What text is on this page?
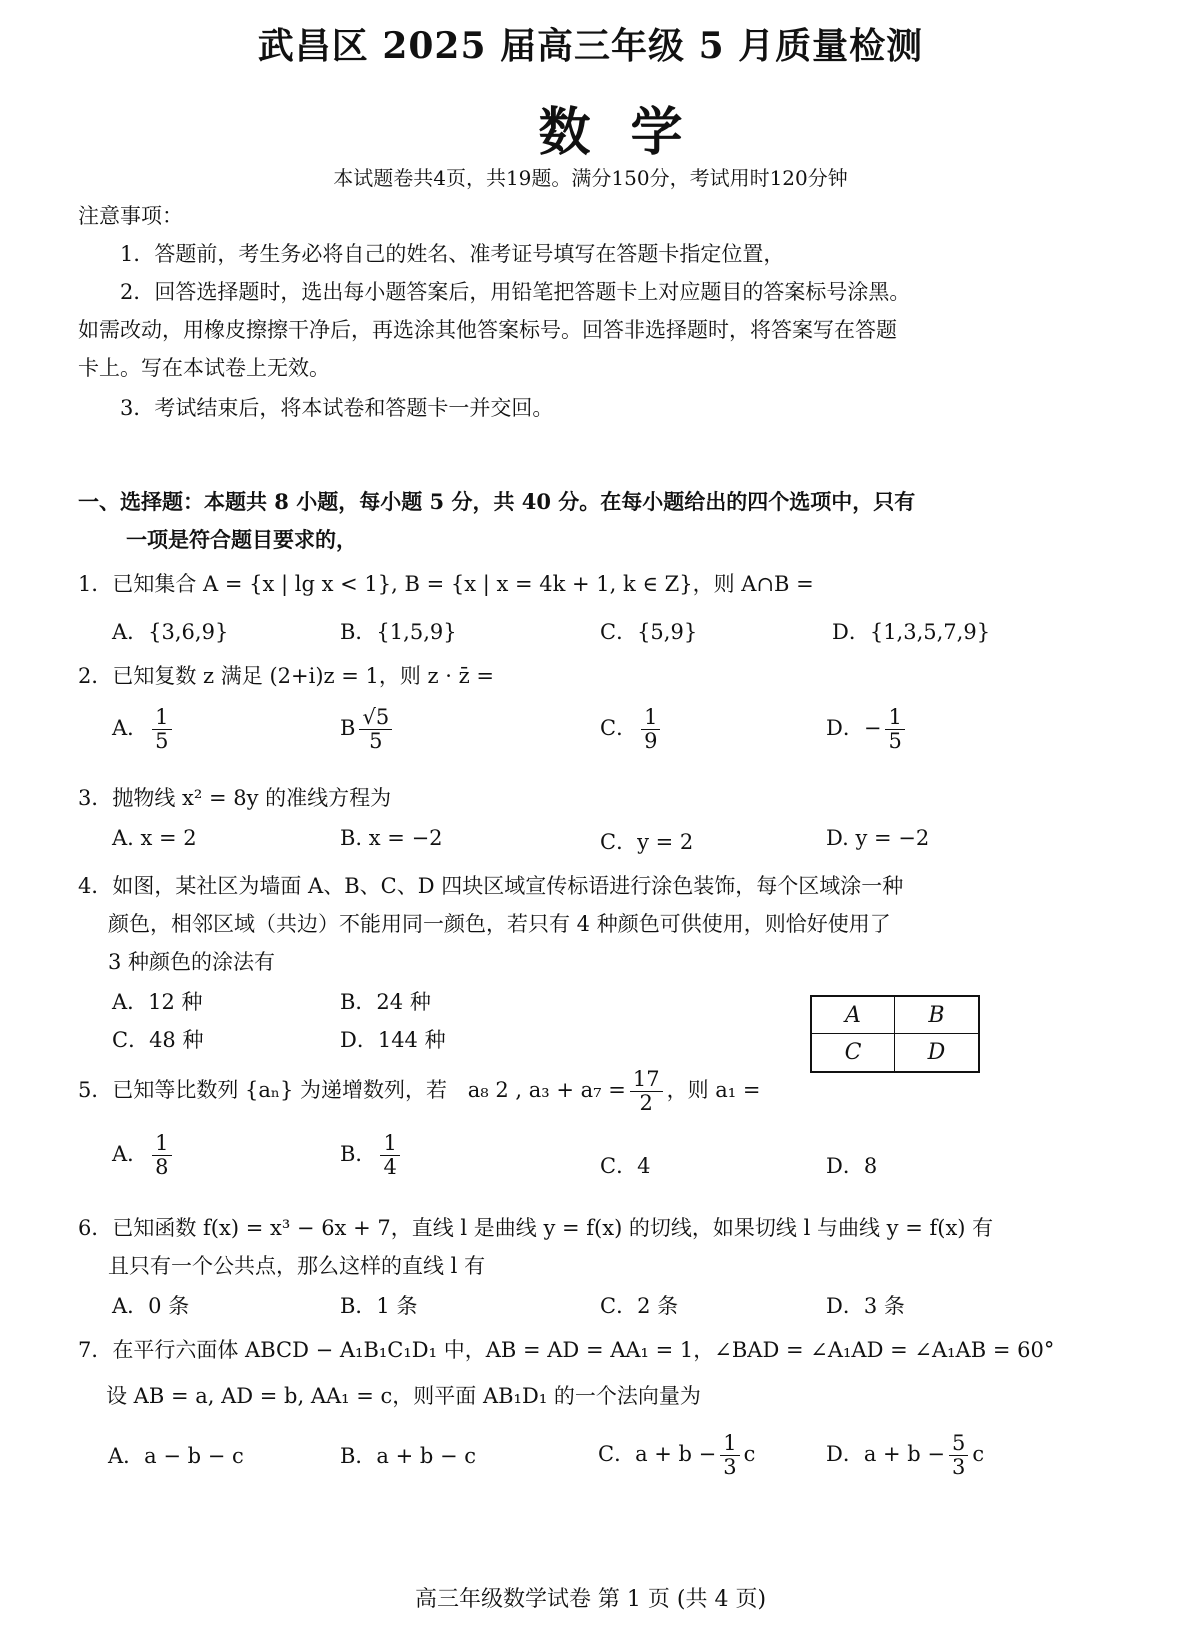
武昌区 2025 届高三年级 5 月质量检测
数学
本试题卷共4页，共19题。满分150分，考试用时120分钟
注意事项：
1．答题前，考生务必将自己的姓名、准考证号填写在答题卡指定位置，
2．回答选择题时，选出每小题答案后，用铅笔把答题卡上对应题目的答案标号涂黑。
如需改动，用橡皮擦擦干净后，再选涂其他答案标号。回答非选择题时，将答案写在答题
卡上。写在本试卷上无效。
3．考试结束后，将本试卷和答题卡一并交回。
一、选择题：本题共 8 小题，每小题 5 分，共 40 分。在每小题给出的四个选项中，只有
一项是符合题目要求的，
1．已知集合 A = {x | lg x < 1}, B = {x | x = 4k + 1, k ∈ Z}，则 A∩B =
A．{3,6,9}	B．{1,5,9}	C．{5,9}	D．{1,3,5,7,9}
2．已知复数 z 满足 (2+i)z = 1，则 z · z̄ =
A． $\frac{1}{5}$	B $\frac{√5}{5}$	C． $\frac{1}{9}$	D．− $\frac{1}{5}$
3．抛物线 x² = 8y 的准线方程为
A. x = 2	B. x = −2	C．y = 2	D. y = −2
4．如图，某社区为墙面 A、B、C、D 四块区域宣传标语进行涂色装饰，每个区域涂一种
颜色，相邻区域（共边）不能用同一颜色，若只有 4 种颜色可供使用，则恰好使用了
3 种颜色的涂法有
A．12 种	B．24 种
C．48 种	D．144 种
A	B
C	D
5．已知等比数列 {aₙ} 为递增数列，若 a₈ 2 , $a_3 + a_7 = \frac{17}{2}$ ，则 a₁ =
A． $\frac{1}{8}$	B． $\frac{1}{4}$	C．4	D．8
6．已知函数 f(x) = x³ − 6x + 7，直线 l 是曲线 y = f(x) 的切线，如果切线 l 与曲线 y = f(x) 有
且只有一个公共点，那么这样的直线 l 有
A．0 条	B．1 条	C．2 条	D．3 条
7．在平行六面体 ABCD − A₁B₁C₁D₁ 中，AB = AD = AA₁ = 1，∠BAD = ∠A₁AD = ∠A₁AB = 60°
设 AB = a, AD = b, AA₁ = c，则平面 AB₁D₁ 的一个法向量为
A．a − b − c	B．a + b − c	C．$a + b - \frac{1}{3}$ c	D．$a + b - \frac{5}{3}$ c
高三年级数学试卷 第 1 页 (共 4 页)
